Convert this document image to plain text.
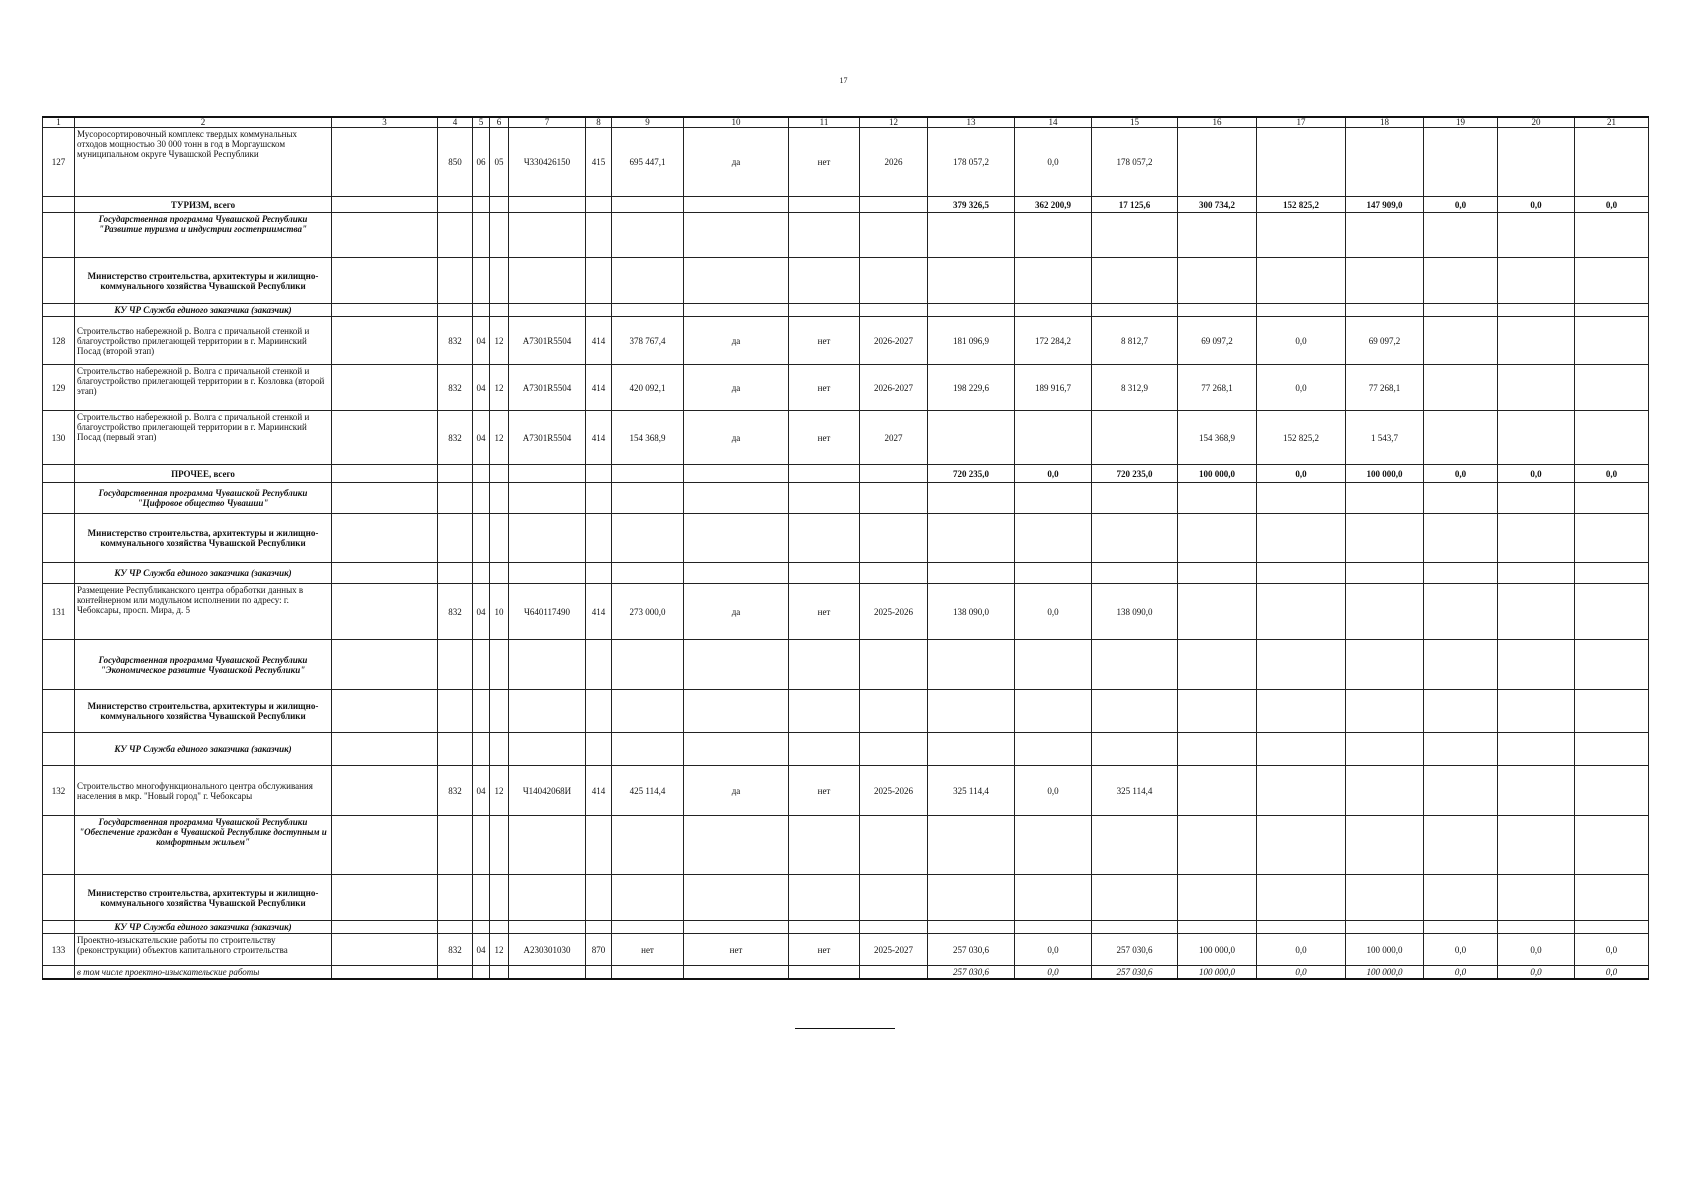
17
1	2	3	4	5	6	7	8	9	10	11	12	13	14	15	16	17	18	19	20	21
127	Мусоросортировочный комплекс твердых коммунальных отходов мощностью 30 000 тонн в год в Моргаушском муниципальном округе Чувашской Республики		850	06	05	Ч330426150	415	695 447,1	да	нет	2026	178 057,2	0,0	178 057,2						
	ТУРИЗМ, всего											379 326,5	362 200,9	17 125,6	300 734,2	152 825,2	147 909,0	0,0	0,0	0,0
	Государственная программа Чувашской Республики "Развитие туризма и индустрии гостеприимства"																			
	Министерство строительства, архитектуры и жилищно-коммунального хозяйства Чувашской Республики																			
	КУ ЧР Служба единого заказчика (заказчик)																			
128	Строительство набережной р. Волга с причальной стенкой и благоустройство прилегающей территории в г. Мариинский Посад (второй этап)		832	04	12	А7301R5504	414	378 767,4	да	нет	2026-2027	181 096,9	172 284,2	8 812,7	69 097,2	0,0	69 097,2			
129	Строительство набережной р. Волга с причальной стенкой и благоустройство прилегающей территории в г. Козловка (второй этап)		832	04	12	А7301R5504	414	420 092,1	да	нет	2026-2027	198 229,6	189 916,7	8 312,9	77 268,1	0,0	77 268,1			
130	Строительство набережной р. Волга с причальной стенкой и благоустройство прилегающей территории в г. Мариинский Посад (первый этап)		832	04	12	А7301R5504	414	154 368,9	да	нет	2027				154 368,9	152 825,2	1 543,7			
	ПРОЧЕЕ, всего											720 235,0	0,0	720 235,0	100 000,0	0,0	100 000,0	0,0	0,0	0,0
	Государственная программа Чувашской Республики "Цифровое общество Чувашии"																			
	Министерство строительства, архитектуры и жилищно-коммунального хозяйства Чувашской Республики																			
	КУ ЧР Служба единого заказчика (заказчик)																			
131	Размещение Республиканского центра обработки данных в контейнерном или модульном исполнении по адресу: г. Чебоксары, просп. Мира, д. 5		832	04	10	Ч640117490	414	273 000,0	да	нет	2025-2026	138 090,0	0,0	138 090,0						
	Государственная программа Чувашской Республики "Экономическое развитие Чувашской Республики"																			
	Министерство строительства, архитектуры и жилищно-коммунального хозяйства Чувашской Республики																			
	КУ ЧР Служба единого заказчика (заказчик)																			
132	Строительство многофункционального центра обслуживания населения в мкр. "Новый город" г. Чебоксары		832	04	12	Ч14042068И	414	425 114,4	да	нет	2025-2026	325 114,4	0,0	325 114,4						
	Государственная программа Чувашской Республики "Обеспечение граждан в Чувашской Республике доступным и комфортным жильем"																			
	Министерство строительства, архитектуры и жилищно-коммунального хозяйства Чувашской Республики																			
	КУ ЧР Служба единого заказчика (заказчик)																			
133	Проектно-изыскательские работы по строительству (реконструкции) объектов капитального строительства		832	04	12	А230301030	870	нет	нет	нет	2025-2027	257 030,6	0,0	257 030,6	100 000,0	0,0	100 000,0	0,0	0,0	0,0
	в том числе проектно-изыскательские работы											257 030,6	0,0	257 030,6	100 000,0	0,0	100 000,0	0,0	0,0	0,0
